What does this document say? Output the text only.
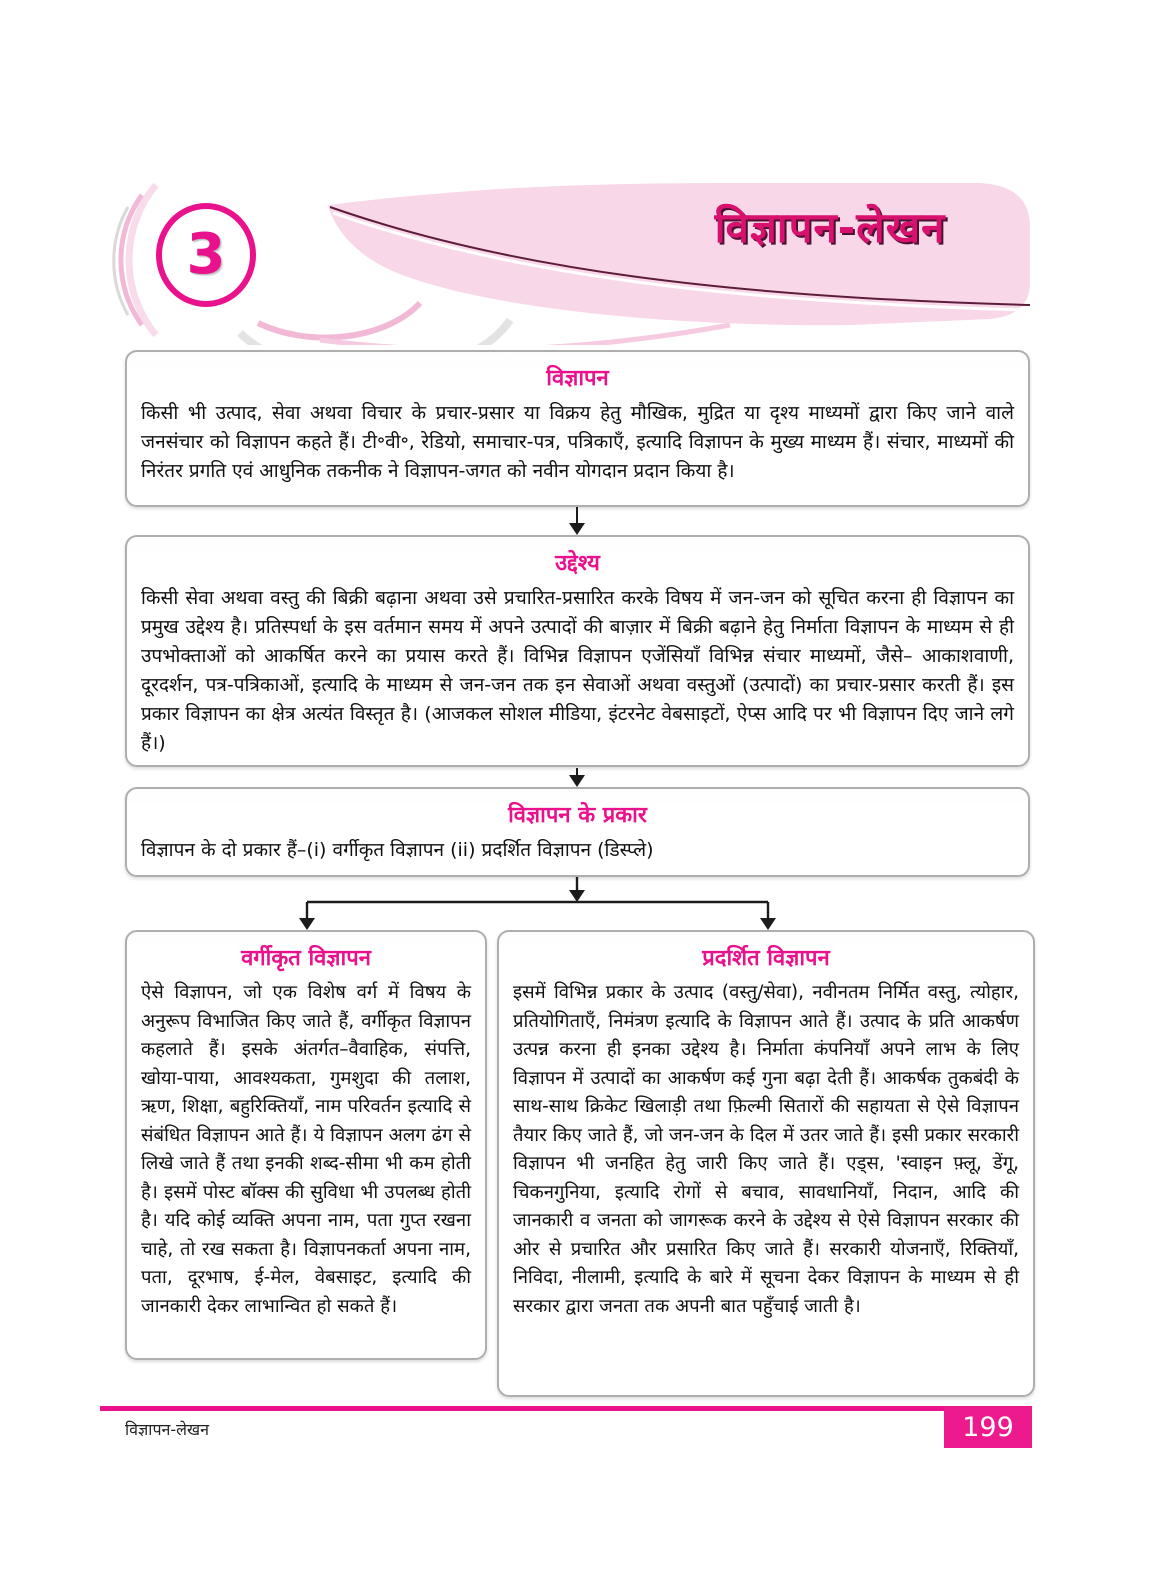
3	विज्ञापन-लेखन
विज्ञापन
किसी भी उत्पाद, सेवा अथवा विचार के प्रचार-प्रसार या विक्रय हेतु मौखिक, मुद्रित या दृश्य माध्यमों द्वारा किए जाने वाले जनसंचार को विज्ञापन कहते हैं। टी॰वी॰, रेडियो, समाचार-पत्र, पत्रिकाएँ, इत्यादि विज्ञापन के मुख्य माध्यम हैं। संचार, माध्यमों की निरंतर प्रगति एवं आधुनिक तकनीक ने विज्ञापन-जगत को नवीन योगदान प्रदान किया है।
उद्देश्य
किसी सेवा अथवा वस्तु की बिक्री बढ़ाना अथवा उसे प्रचारित-प्रसारित करके विषय में जन-जन को सूचित करना ही विज्ञापन का प्रमुख उद्देश्य है। प्रतिस्पर्धा के इस वर्तमान समय में अपने उत्पादों की बाज़ार में बिक्री बढ़ाने हेतु निर्माता विज्ञापन के माध्यम से ही उपभोक्ताओं को आकर्षित करने का प्रयास करते हैं। विभिन्न विज्ञापन एजेंसियाँ विभिन्न संचार माध्यमों, जैसे– आकाशवाणी, दूरदर्शन, पत्र-पत्रिकाओं, इत्यादि के माध्यम से जन-जन तक इन सेवाओं अथवा वस्तुओं (उत्पादों) का प्रचार-प्रसार करती हैं। इस प्रकार विज्ञापन का क्षेत्र अत्यंत विस्तृत है। (आजकल सोशल मीडिया, इंटरनेट वेबसाइटों, ऐप्स आदि पर भी विज्ञापन दिए जाने लगे हैं।)
विज्ञापन के प्रकार
विज्ञापन के दो प्रकार हैं–(i) वर्गीकृत विज्ञापन (ii) प्रदर्शित विज्ञापन (डिस्प्ले)
वर्गीकृत विज्ञापन
ऐसे विज्ञापन, जो एक विशेष वर्ग में विषय के अनुरूप विभाजित किए जाते हैं, वर्गीकृत विज्ञापन कहलाते हैं। इसके अंतर्गत–वैवाहिक, संपत्ति, खोया-पाया, आवश्यकता, गुमशुदा की तलाश, ऋण, शिक्षा, बहुरिक्तियाँ, नाम परिवर्तन इत्यादि से संबंधित विज्ञापन आते हैं। ये विज्ञापन अलग ढंग से लिखे जाते हैं तथा इनकी शब्द-सीमा भी कम होती है। इसमें पोस्ट बॉक्स की सुविधा भी उपलब्ध होती है। यदि कोई व्यक्ति अपना नाम, पता गुप्त रखना चाहे, तो रख सकता है। विज्ञापनकर्ता अपना नाम, पता, दूरभाष, ई-मेल, वेबसाइट, इत्यादि की जानकारी देकर लाभान्वित हो सकते हैं।
प्रदर्शित विज्ञापन
इसमें विभिन्न प्रकार के उत्पाद (वस्तु/सेवा), नवीनतम निर्मित वस्तु, त्योहार, प्रतियोगिताएँ, निमंत्रण इत्यादि के विज्ञापन आते हैं। उत्पाद के प्रति आकर्षण उत्पन्न करना ही इनका उद्देश्य है। निर्माता कंपनियाँ अपने लाभ के लिए विज्ञापन में उत्पादों का आकर्षण कई गुना बढ़ा देती हैं। आकर्षक तुकबंदी के साथ-साथ क्रिकेट खिलाड़ी तथा फ़िल्मी सितारों की सहायता से ऐसे विज्ञापन तैयार किए जाते हैं, जो जन-जन के दिल में उतर जाते हैं। इसी प्रकार सरकारी विज्ञापन भी जनहित हेतु जारी किए जाते हैं। एड्स, 'स्वाइन फ़्लू, डेंगू, चिकनगुनिया, इत्यादि रोगों से बचाव, सावधानियाँ, निदान, आदि की जानकारी व जनता को जागरूक करने के उद्देश्य से ऐसे विज्ञापन सरकार की ओर से प्रचारित और प्रसारित किए जाते हैं। सरकारी योजनाएँ, रिक्तियाँ, निविदा, नीलामी, इत्यादि के बारे में सूचना देकर विज्ञापन के माध्यम से ही सरकार द्वारा जनता तक अपनी बात पहुँचाई जाती है।
199
विज्ञापन-लेखन
